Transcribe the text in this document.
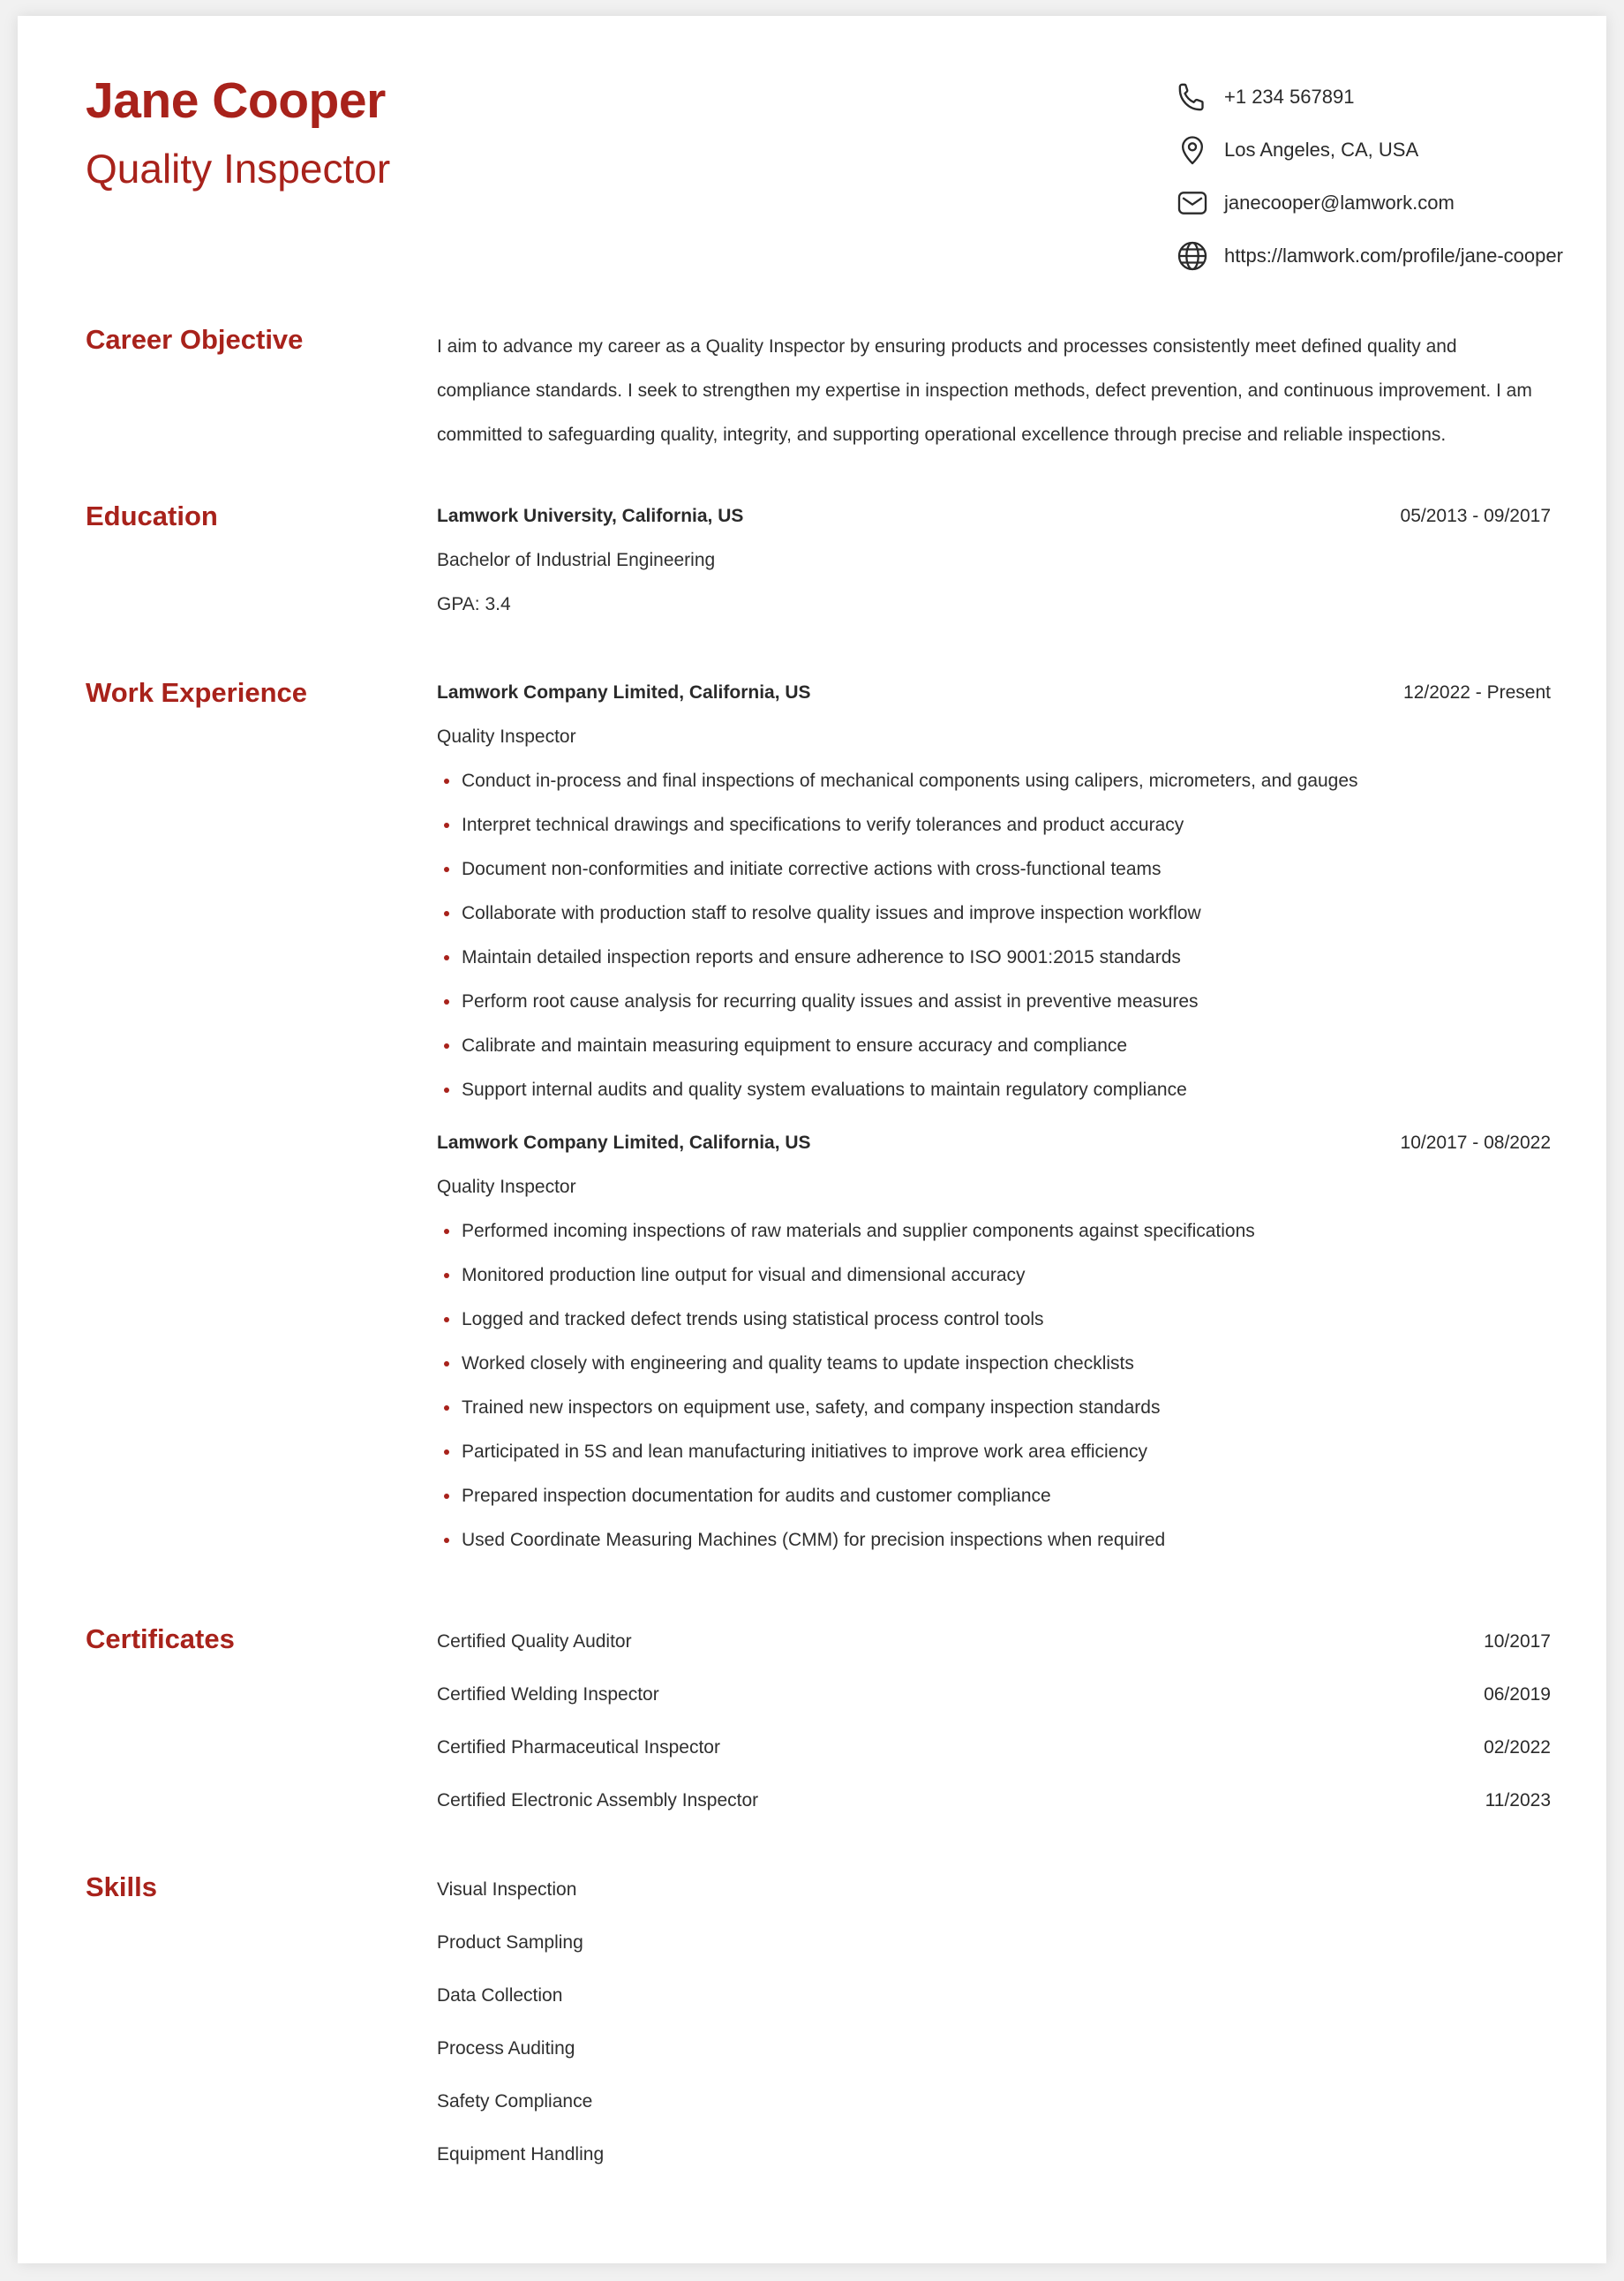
Jane Cooper
Quality Inspector
+1 234 567891
Los Angeles, CA, USA
janecooper@lamwork.com
https://lamwork.com/profile/jane-cooper
Career Objective	I aim to advance my career as a Quality Inspector by ensuring products and processes consistently meet defined quality and compliance standards. I seek to strengthen my expertise in inspection methods, defect prevention, and continuous improvement. I am committed to safeguarding quality, integrity, and supporting operational excellence through precise and reliable inspections.

Education	Lamwork University, California, US	05/2013 - 09/2017
Bachelor of Industrial Engineering
GPA: 3.4
Work Experience	Lamwork Company Limited, California, US	12/2022 - Present
Quality Inspector
Conduct in-process and final inspections of mechanical components using calipers, micrometers, and gauges
Interpret technical drawings and specifications to verify tolerances and product accuracy
Document non-conformities and initiate corrective actions with cross-functional teams
Collaborate with production staff to resolve quality issues and improve inspection workflow
Maintain detailed inspection reports and ensure adherence to ISO 9001:2015 standards
Perform root cause analysis for recurring quality issues and assist in preventive measures
Calibrate and maintain measuring equipment to ensure accuracy and compliance
Support internal audits and quality system evaluations to maintain regulatory compliance
Lamwork Company Limited, California, US	10/2017 - 08/2022
Quality Inspector
Performed incoming inspections of raw materials and supplier components against specifications
Monitored production line output for visual and dimensional accuracy
Logged and tracked defect trends using statistical process control tools
Worked closely with engineering and quality teams to update inspection checklists
Trained new inspectors on equipment use, safety, and company inspection standards
Participated in 5S and lean manufacturing initiatives to improve work area efficiency
Prepared inspection documentation for audits and customer compliance
Used Coordinate Measuring Machines (CMM) for precision inspections when required
Certificates	Certified Quality Auditor	10/2017
Certified Welding Inspector	06/2019
Certified Pharmaceutical Inspector	02/2022
Certified Electronic Assembly Inspector	11/2023
Skills	Visual Inspection
Product Sampling
Data Collection
Process Auditing
Safety Compliance
Equipment Handling
